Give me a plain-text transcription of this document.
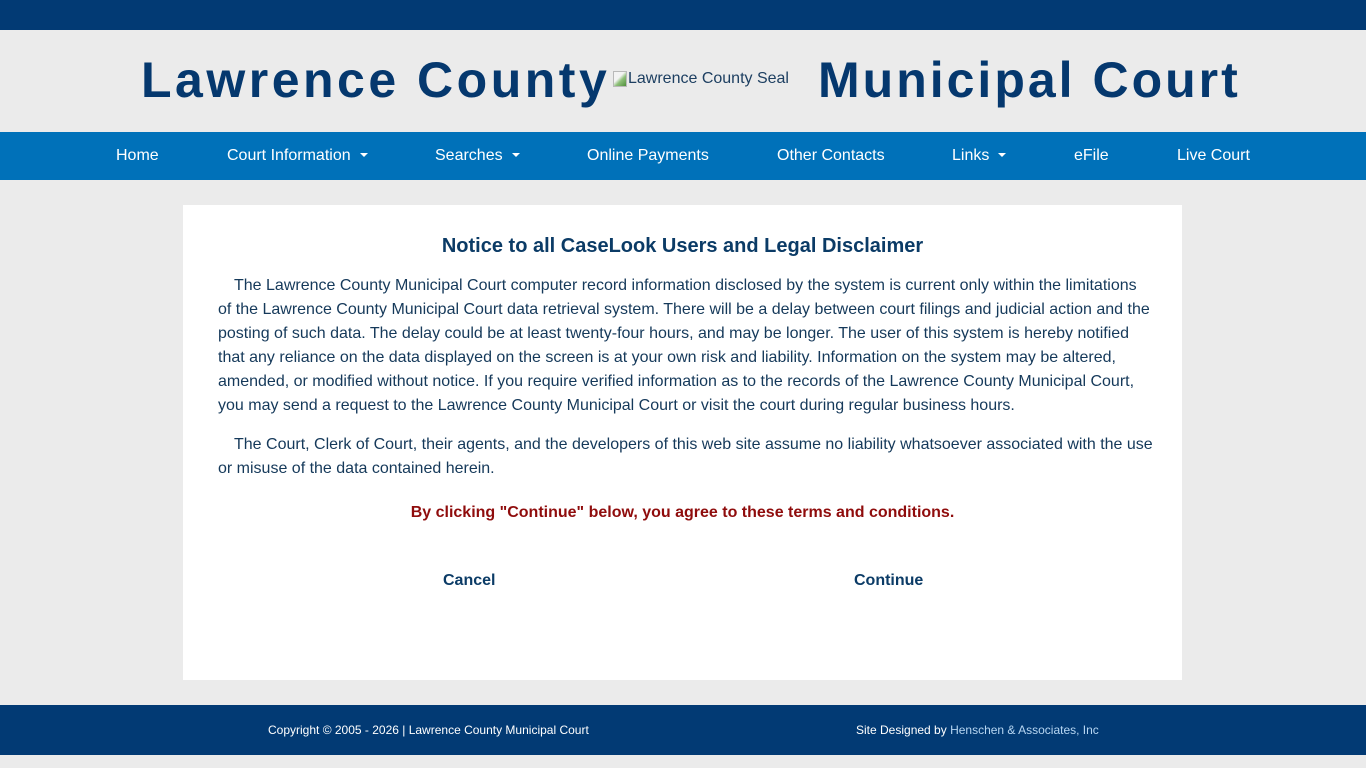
Lawrence County Lawrence County Seal Municipal Court
Home	Court Information	Searches	Online Payments	Other Contacts	Links	eFile	Live Court
Notice to all CaseLook Users and Legal Disclaimer

The Lawrence County Municipal Court computer record information disclosed by the system is current only within the limitations of the Lawrence County Municipal Court data retrieval system. There will be a delay between court filings and judicial action and the posting of such data. The delay could be at least twenty-four hours, and may be longer. The user of this system is hereby notified that any reliance on the data displayed on the screen is at your own risk and liability. Information on the system may be altered, amended, or modified without notice. If you require verified information as to the records of the Lawrence County Municipal Court, you may send a request to the Lawrence County Municipal Court or visit the court during regular business hours.

The Court, Clerk of Court, their agents, and the developers of this web site assume no liability whatsoever associated with the use or misuse of the data contained herein.

By clicking "Continue" below, you agree to these terms and conditions.

Cancel	Continue
Copyright © 2005 - 2026 | Lawrence County Municipal Court	Site Designed by Henschen & Associates, Inc
